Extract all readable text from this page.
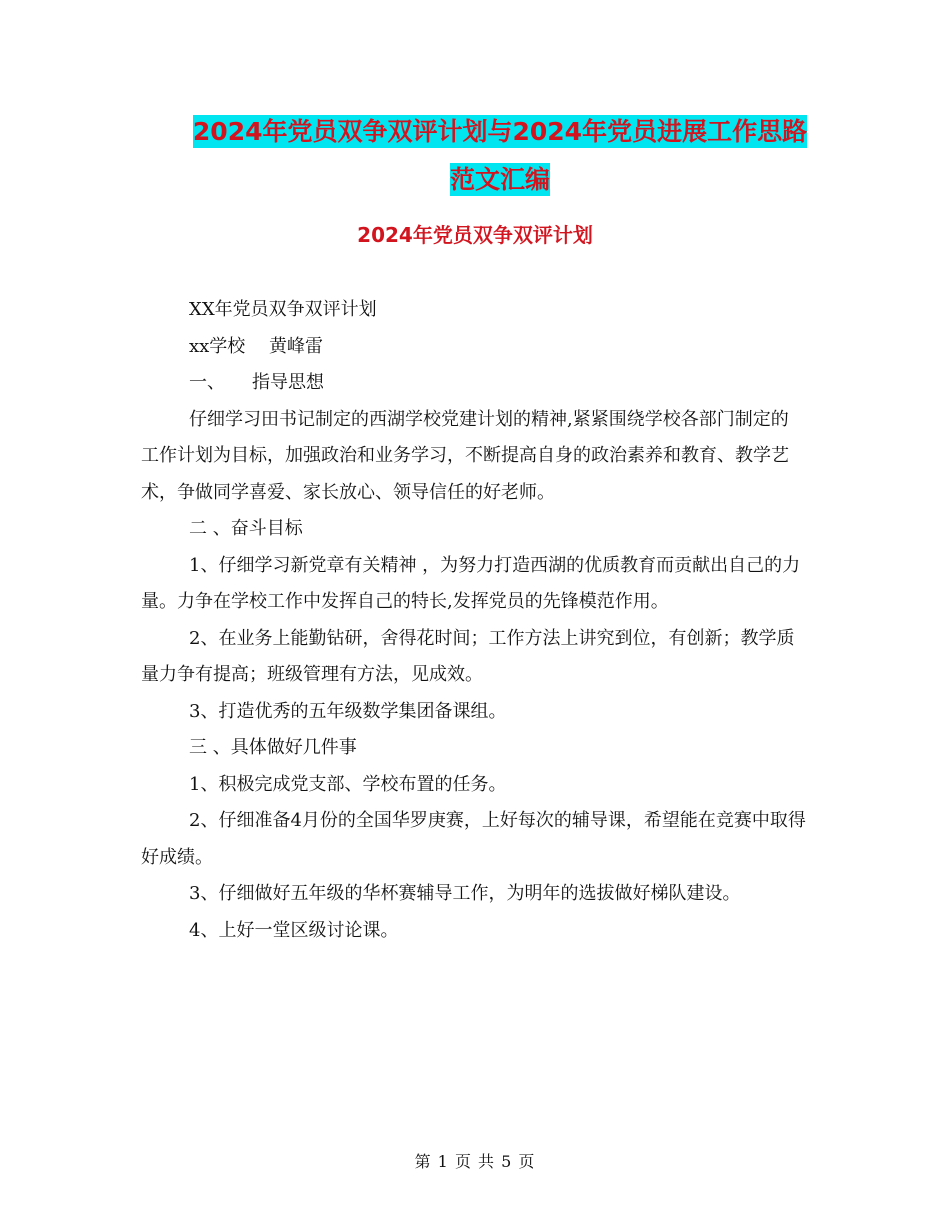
2024年党员双争双评计划与2024年党员进展工作思路
范文汇编
2024年党员双争双评计划

XX年党员双争双评计划

xx学校　 黄峰雷

一、　　指导思想

仔细学习田书记制定的西湖学校党建计划的精神,紧紧围绕学校各部门制定的工作计划为目标，加强政治和业务学习，不断提高自身的政治素养和教育、教学艺术，争做同学喜爱、家长放心、领导信任的好老师。

二 、奋斗目标

1、仔细学习新党章有关精神 ，为努力打造西湖的优质教育而贡献出自己的力量。力争在学校工作中发挥自己的特长,发挥党员的先锋模范作用。

2、在业务上能勤钻研，舍得花时间；工作方法上讲究到位，有创新；教学质量力争有提高；班级管理有方法，见成效。

3、打造优秀的五年级数学集团备课组。

三 、具体做好几件事

1、积极完成党支部、学校布置的任务。

2、仔细准备4月份的全国华罗庚赛，上好每次的辅导课，希望能在竞赛中取得好成绩。

3、仔细做好五年级的华杯赛辅导工作，为明年的选拔做好梯队建设。

4、上好一堂区级讨论课。

第 1 页 共 5 页
